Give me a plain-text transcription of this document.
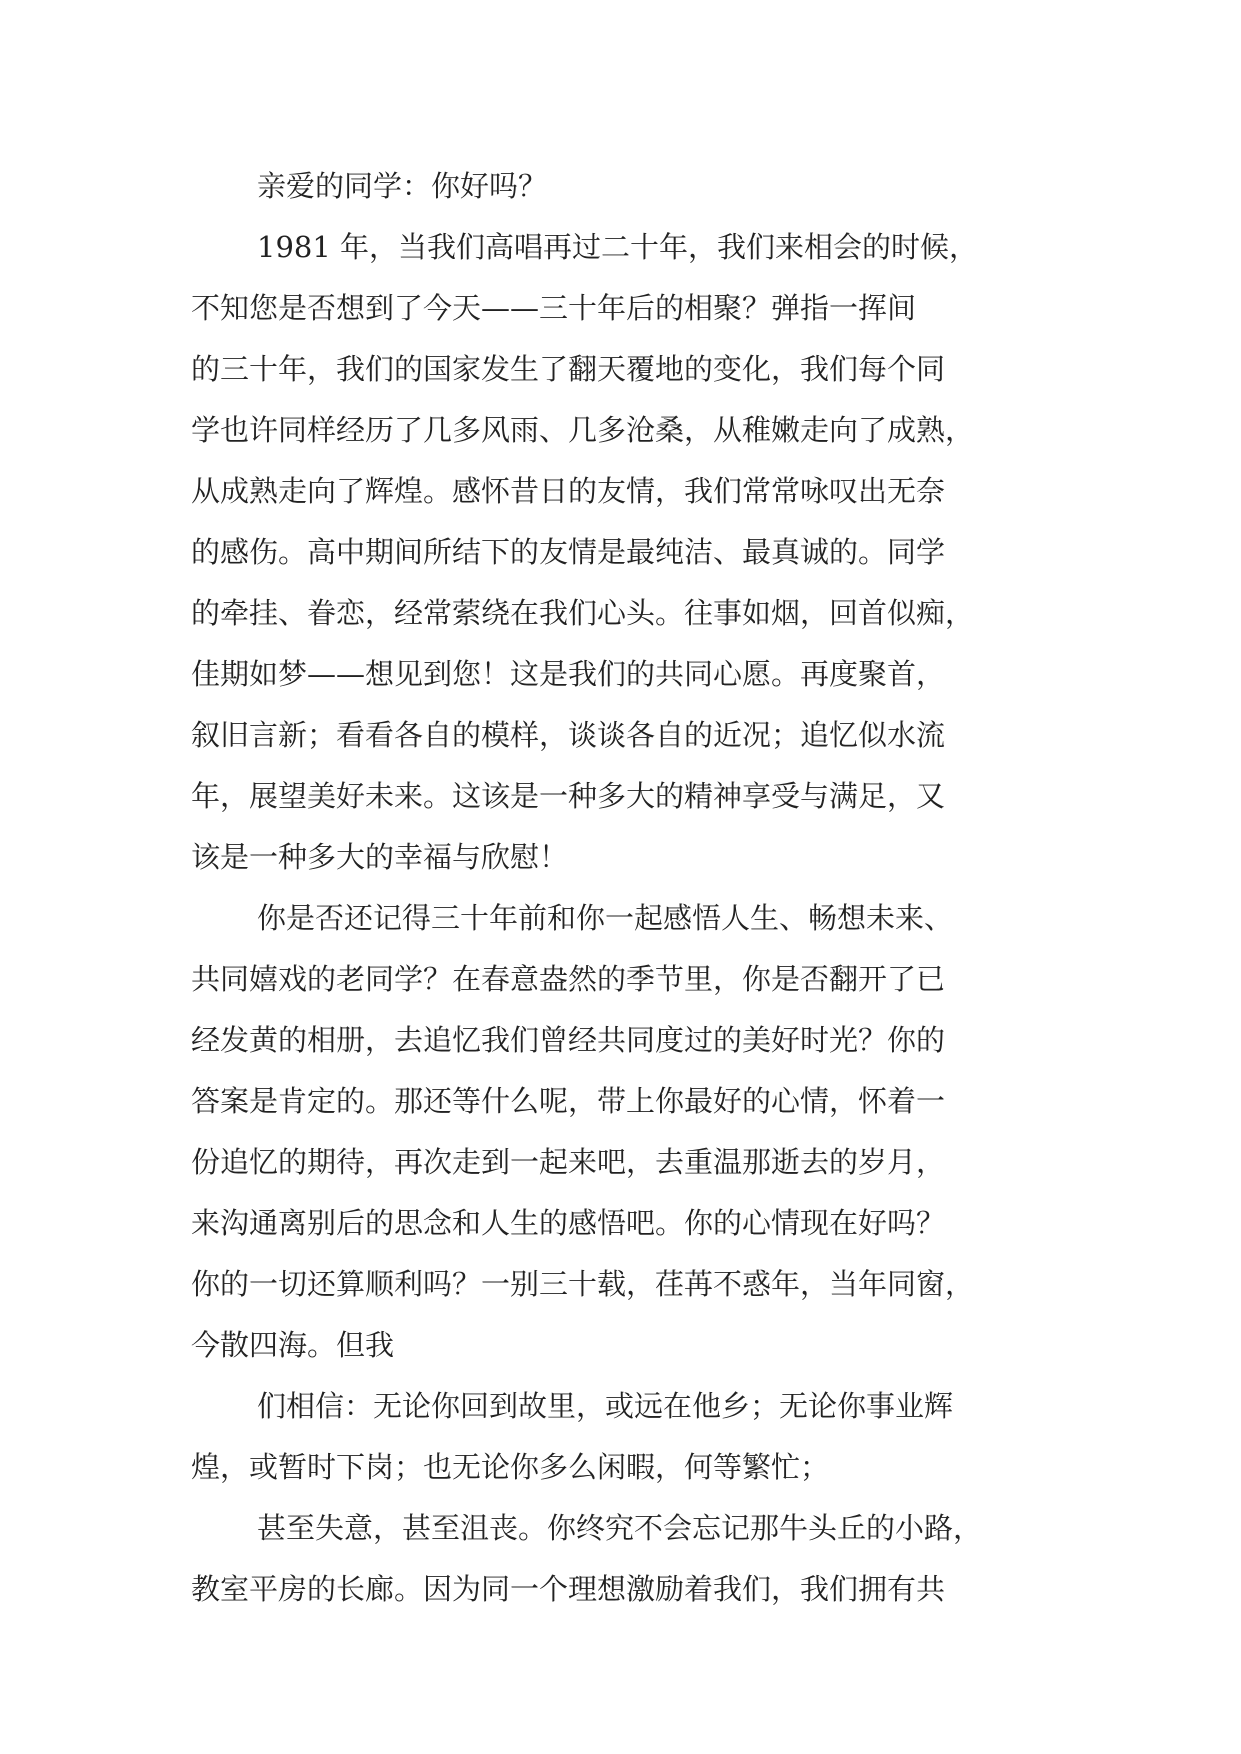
亲爱的同学：你好吗？
1981 年，当我们高唱再过二十年，我们来相会的时候，
不知您是否想到了今天——三十年后的相聚？弹指一挥间
的三十年，我们的国家发生了翻天覆地的变化，我们每个同
学也许同样经历了几多风雨、几多沧桑，从稚嫩走向了成熟，
从成熟走向了辉煌。感怀昔日的友情，我们常常咏叹出无奈
的感伤。高中期间所结下的友情是最纯洁、最真诚的。同学
的牵挂、眷恋，经常萦绕在我们心头。往事如烟，回首似痴，
佳期如梦——想见到您！这是我们的共同心愿。再度聚首，
叙旧言新；看看各自的模样，谈谈各自的近况；追忆似水流
年，展望美好未来。这该是一种多大的精神享受与满足，又
该是一种多大的幸福与欣慰！
你是否还记得三十年前和你一起感悟人生、畅想未来、
共同嬉戏的老同学？在春意盎然的季节里，你是否翻开了已
经发黄的相册，去追忆我们曾经共同度过的美好时光？你的
答案是肯定的。那还等什么呢，带上你最好的心情，怀着一
份追忆的期待，再次走到一起来吧，去重温那逝去的岁月，
来沟通离别后的思念和人生的感悟吧。你的心情现在好吗？
你的一切还算顺利吗？一别三十载，荏苒不惑年，当年同窗，
今散四海。但我
们相信：无论你回到故里，或远在他乡；无论你事业辉
煌，或暂时下岗；也无论你多么闲暇，何等繁忙；
甚至失意，甚至沮丧。你终究不会忘记那牛头丘的小路，
教室平房的长廊。因为同一个理想激励着我们，我们拥有共
